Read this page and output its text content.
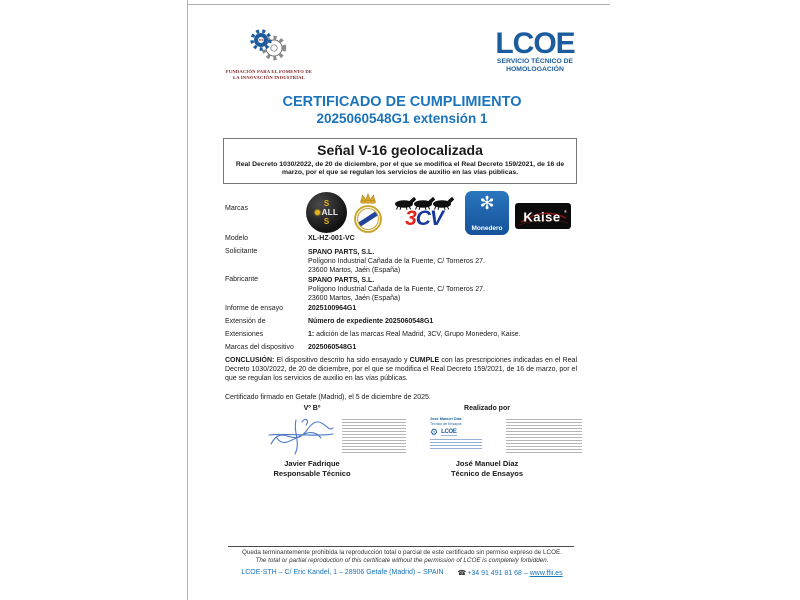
FFII
FUNDACIÓN PARA EL FOMENTO DE
LA INNOVACIÓN INDUSTRIAL
LCOE
SERVICIO TÉCNICO DE
HOMOLOGACIÓN
CERTIFICADO DE CUMPLIMIENTO
2025060548G1 extensión 1
Señal V-16 geolocalizada
Real Decreto 1030/2022, de 20 de diciembre, por el que se modifica el Real Decreto 159/2021, de 16 de marzo, por el que se regulan los servicios de auxilio en las vías públicas.
Marcas
S
ALL
S	3CV
✻
Monedero
Kaise ®
Modelo	XL-HZ-001-VC
Solicitante	SPANO PARTS, S.L.
Polígono Industrial Cañada de la Fuente, C/ Torneros 27.
23600 Martos, Jaén (España)
Fabricante	SPANO PARTS, S.L.
Polígono Industrial Cañada de la Fuente, C/ Torneros 27.
23600 Martos, Jaén (España)
Informe de ensayo	2025100964G1
Extensión de	Número de expediente 2025060548G1
Extensiones	1: adición de las marcas Real Madrid, 3CV, Grupo Monedero, Kaise.
Marcas del dispositivo 2025060548G1
CONCLUSIÓN: El dispositivo descrito ha sido ensayado y CUMPLE con las prescripciones indicadas en el Real Decreto 1030/2022, de 20 de diciembre, por el que se modifica el Real Decreto 159/2021, de 16 de marzo, por el que se regulan los servicios de auxilio en las vías públicas.
Certificado firmado en Getafe (Madrid), el 5 de diciembre de 2025.
Vº Bº	Realizado por
José Manuel Díaz
Técnico de Ensayos
⚙ LCOE
Javier Fadrique
Responsable Técnico
José Manuel Díaz
Técnico de Ensayos
Queda terminantemente prohibida la reproducción total o parcial de este certificado sin permiso expreso de LCOE.
The total or partial reproduction of this certificate without the permission of LCOE is completely forbidden.
LCOE-STH – C/ Eric Kandel, 1 – 28906 Getafe (Madrid) – SPAIN ☎+34 91 491 81 68 – www.ffii.es
